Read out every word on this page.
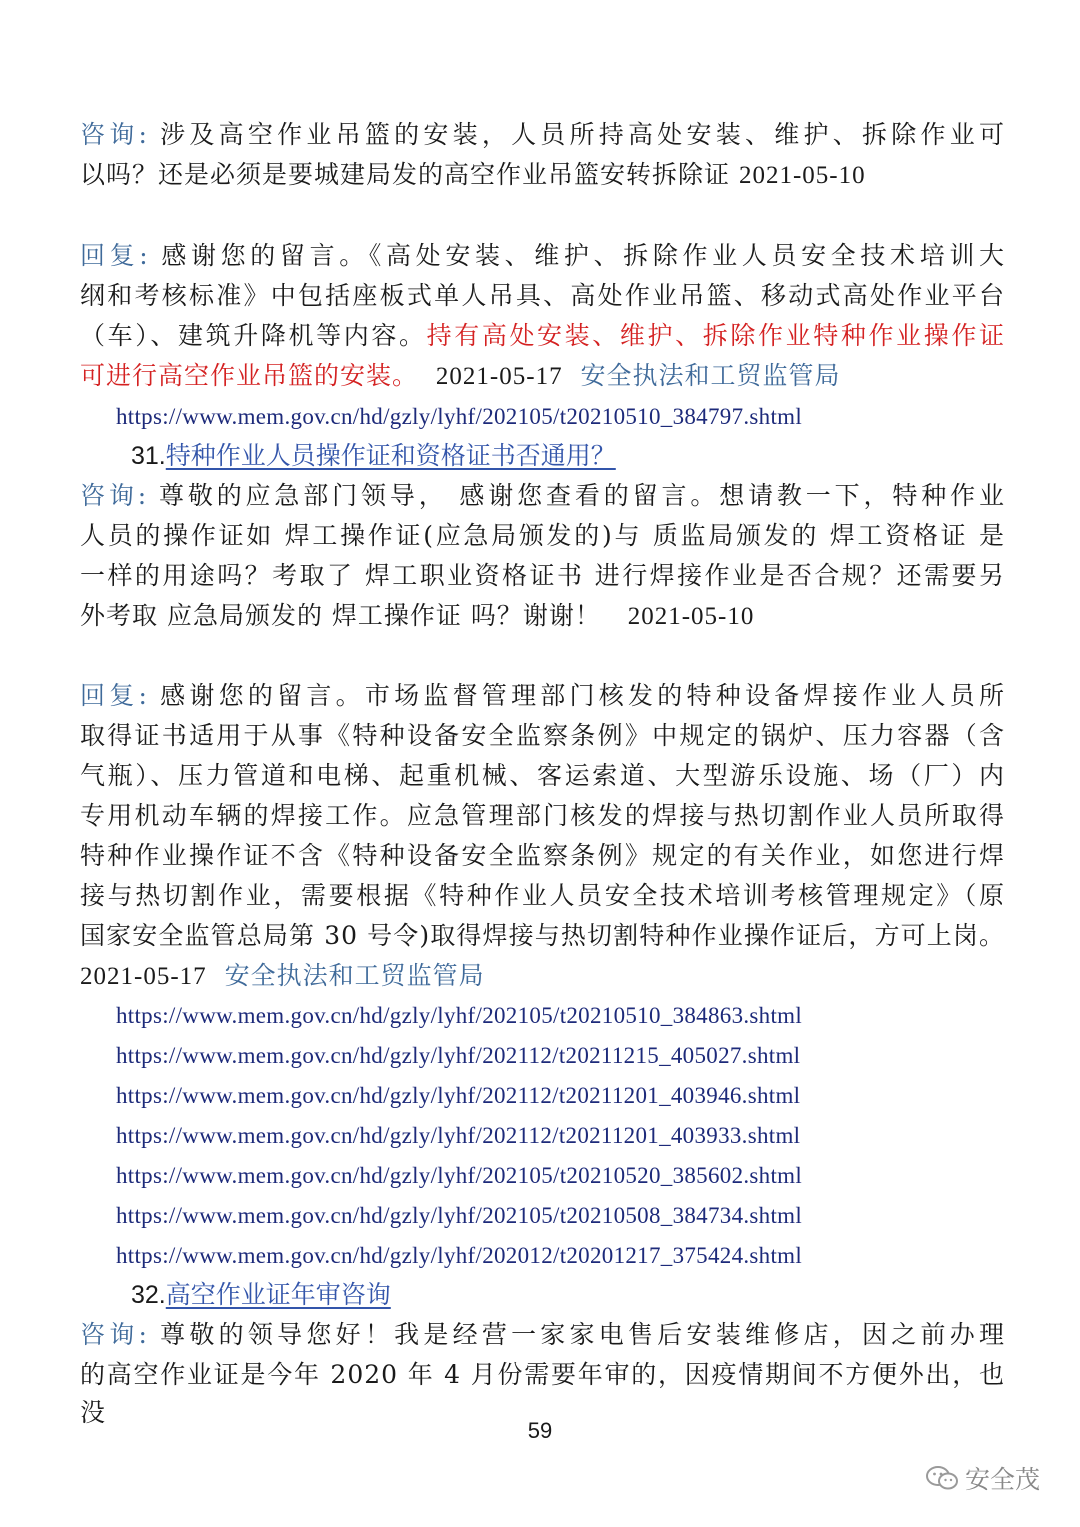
咨询: 涉及高空作业吊篮的安装，人员所持高处安装、维护、拆除作业可
以吗？还是必须是要城建局发的高空作业吊篮安转拆除证 2021-05-10
回复: 感谢您的留言。《高处安装、维护、拆除作业人员安全技术培训大
纲和考核标准》中包括座板式单人吊具、高处作业吊篮、移动式高处作业平台
（车）、建筑升降机等内容。持有高处安装、维护、拆除作业特种作业操作证
可进行高空作业吊篮的安装。 2021-05-17 安全执法和工贸监管局
https://www.mem.gov.cn/hd/gzly/lyhf/202105/t20210510_384797.shtml
31.特种作业人员操作证和资格证书否通用？
咨询: 尊敬的应急部门领导， 感谢您查看的留言。想请教一下，特种作业
人员的操作证如 焊工操作证(应急局颁发的)与 质监局颁发的 焊工资格证 是
一样的用途吗？考取了 焊工职业资格证书 进行焊接作业是否合规？还需要另
外考取 应急局颁发的 焊工操作证 吗？谢谢！ 2021-05-10
回复: 感谢您的留言。市场监督管理部门核发的特种设备焊接作业人员所
取得证书适用于从事《特种设备安全监察条例》中规定的锅炉、压力容器（含
气瓶）、压力管道和电梯、起重机械、客运索道、大型游乐设施、场（厂）内
专用机动车辆的焊接工作。应急管理部门核发的焊接与热切割作业人员所取得
特种作业操作证不含《特种设备安全监察条例》规定的有关作业，如您进行焊
接与热切割作业，需要根据《特种作业人员安全技术培训考核管理规定》（原
国家安全监管总局第 30 号令)取得焊接与热切割特种作业操作证后，方可上岗。
2021-05-17 安全执法和工贸监管局
https://www.mem.gov.cn/hd/gzly/lyhf/202105/t20210510_384863.shtml
https://www.mem.gov.cn/hd/gzly/lyhf/202112/t20211215_405027.shtml
https://www.mem.gov.cn/hd/gzly/lyhf/202112/t20211201_403946.shtml
https://www.mem.gov.cn/hd/gzly/lyhf/202112/t20211201_403933.shtml
https://www.mem.gov.cn/hd/gzly/lyhf/202105/t20210520_385602.shtml
https://www.mem.gov.cn/hd/gzly/lyhf/202105/t20210508_384734.shtml
https://www.mem.gov.cn/hd/gzly/lyhf/202012/t20201217_375424.shtml
32.高空作业证年审咨询
咨询: 尊敬的领导您好！我是经营一家家电售后安装维修店，因之前办理
的高空作业证是今年 2020 年 4 月份需要年审的，因疫情期间不方便外出，也没
59
安全茂
